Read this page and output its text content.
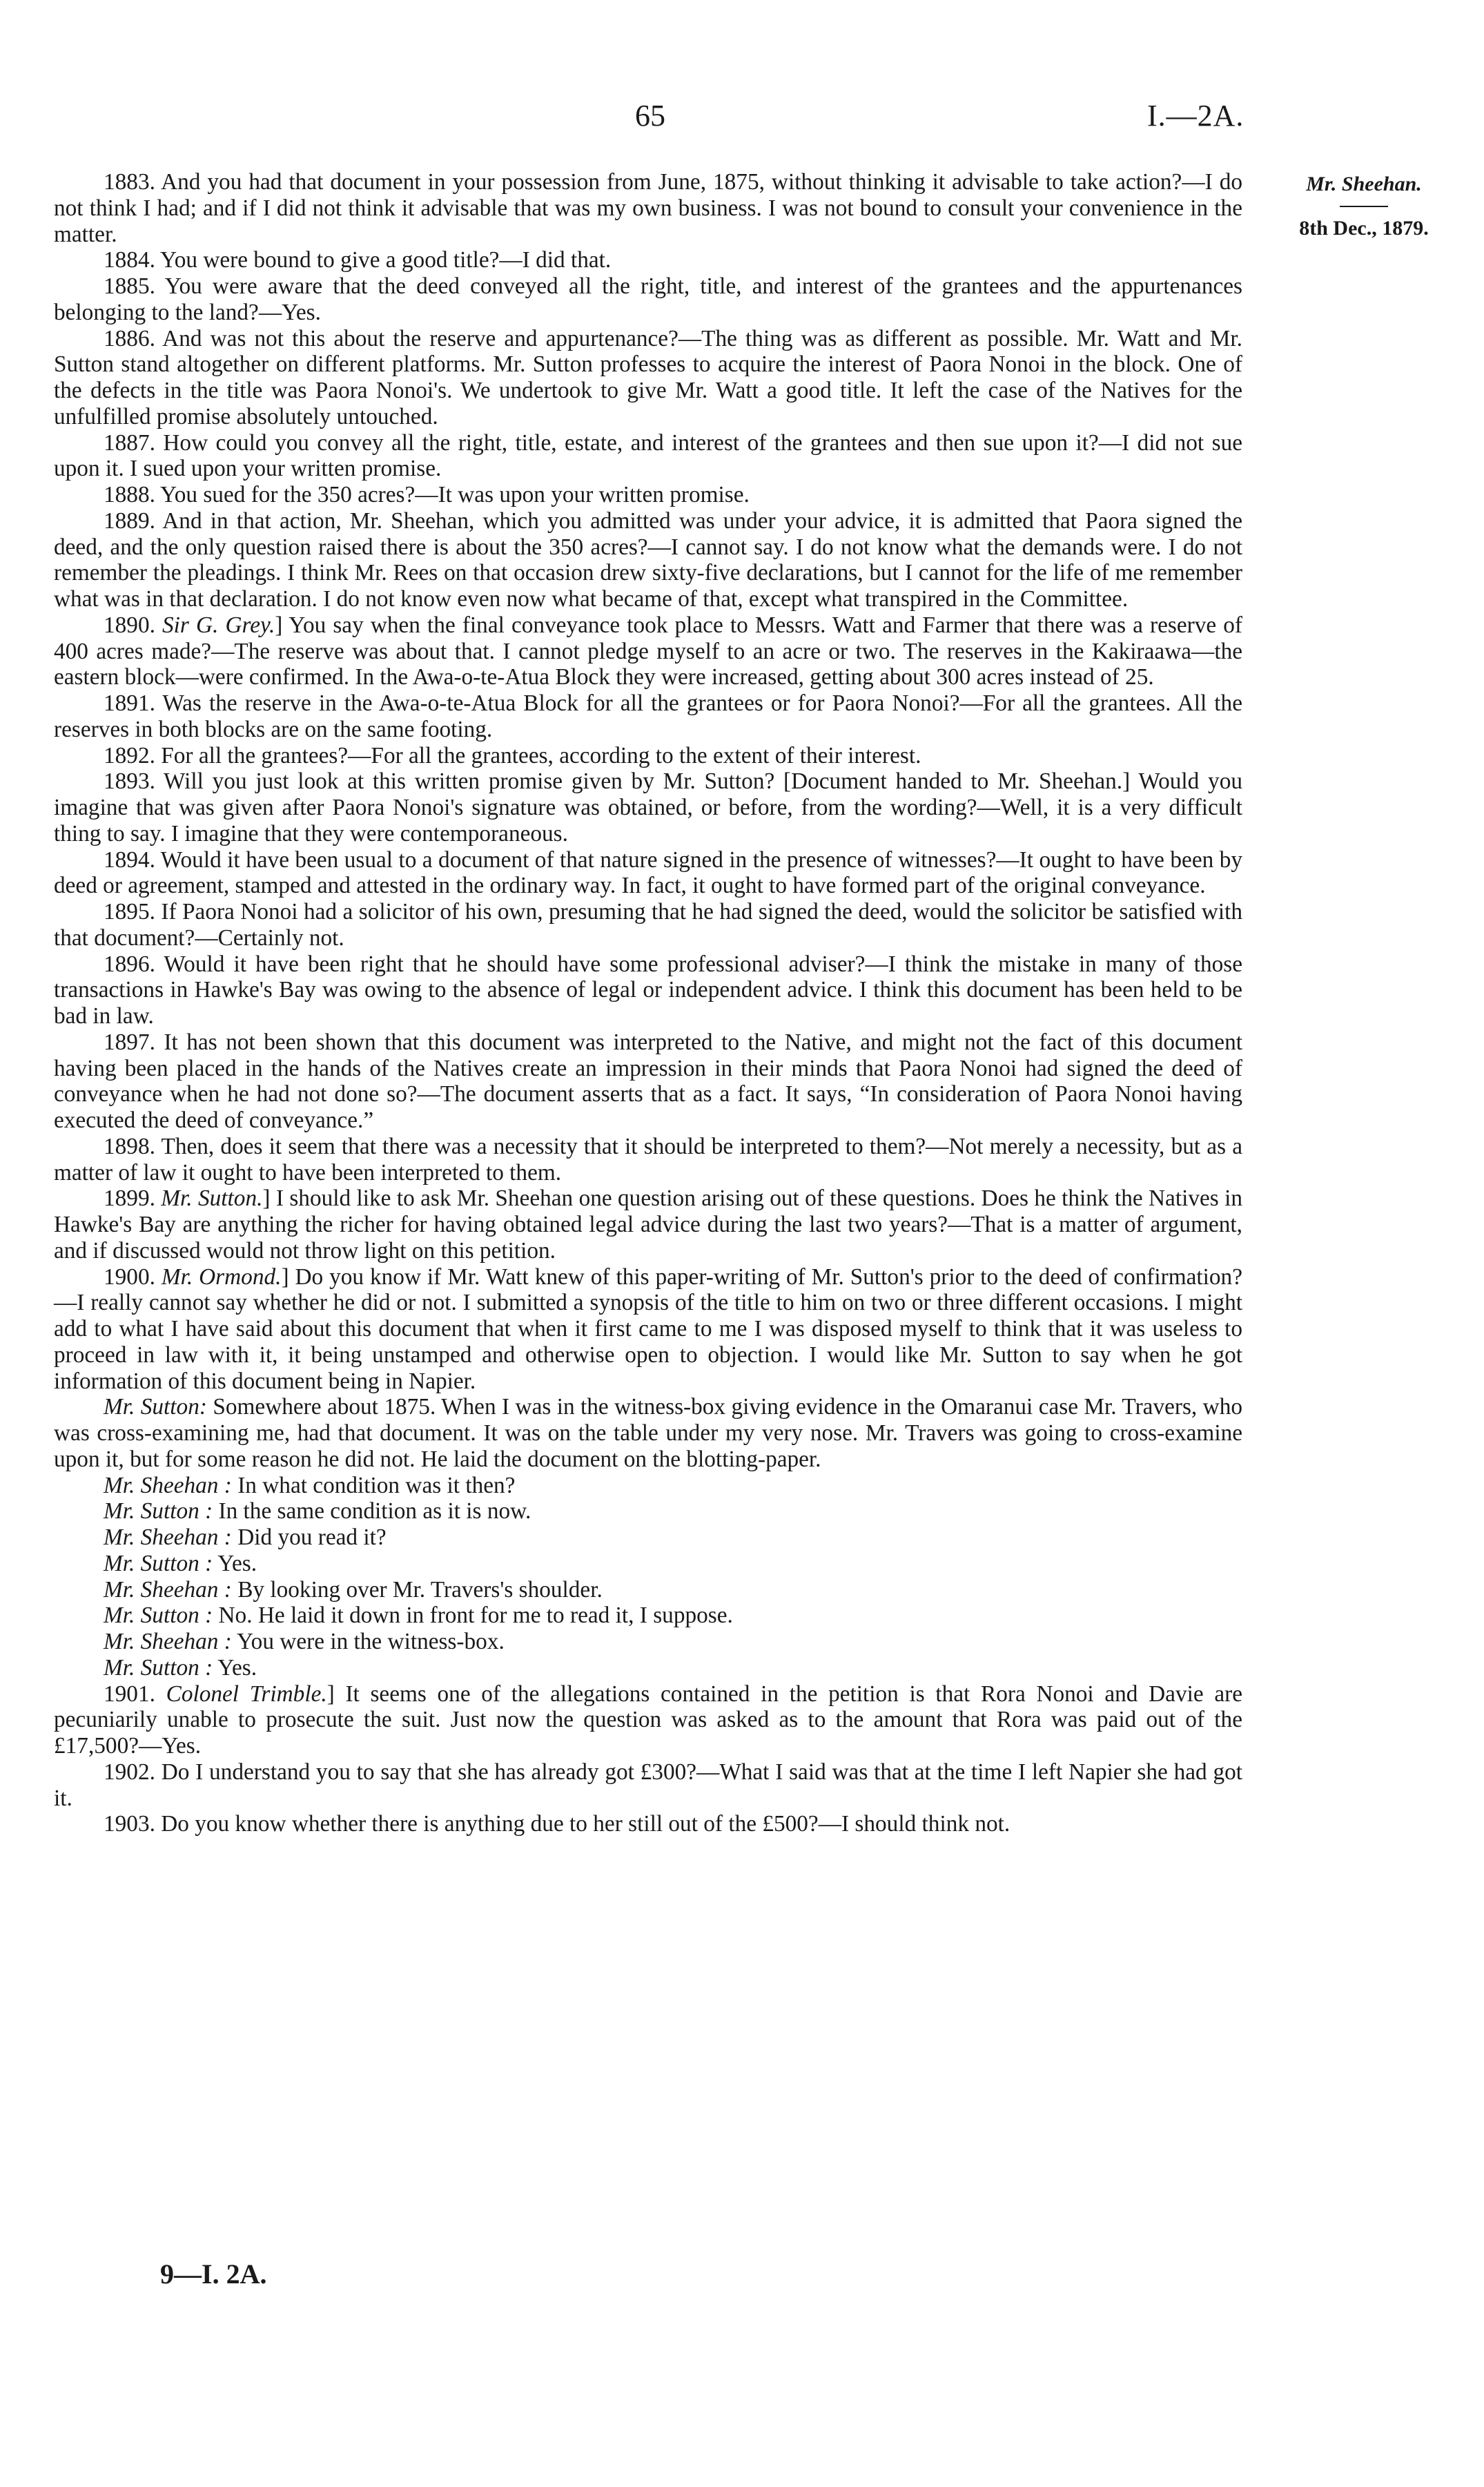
65	I.—2A.
Mr. Sheehan.
8th Dec., 1879.

1883. And you had that document in your possession from June, 1875, without thinking it advisable to take action?—I do not think I had; and if I did not think it advisable that was my own business. I was not bound to consult your convenience in the matter.

1884. You were bound to give a good title?—I did that.

1885. You were aware that the deed conveyed all the right, title, and interest of the grantees and the appurtenances belonging to the land?—Yes.

1886. And was not this about the reserve and appurtenance?—The thing was as different as possible. Mr. Watt and Mr. Sutton stand altogether on different platforms. Mr. Sutton professes to acquire the interest of Paora Nonoi in the block. One of the defects in the title was Paora Nonoi's. We undertook to give Mr. Watt a good title. It left the case of the Natives for the unfulfilled promise absolutely untouched.

1887. How could you convey all the right, title, estate, and interest of the grantees and then sue upon it?—I did not sue upon it. I sued upon your written promise.

1888. You sued for the 350 acres?—It was upon your written promise.

1889. And in that action, Mr. Sheehan, which you admitted was under your advice, it is admitted that Paora signed the deed, and the only question raised there is about the 350 acres?—I cannot say. I do not know what the demands were. I do not remember the pleadings. I think Mr. Rees on that occasion drew sixty-five declarations, but I cannot for the life of me remember what was in that declaration. I do not know even now what became of that, except what transpired in the Committee.

1890. Sir G. Grey.] You say when the final conveyance took place to Messrs. Watt and Farmer that there was a reserve of 400 acres made?—The reserve was about that. I cannot pledge myself to an acre or two. The reserves in the Kakiraawa—the eastern block—were confirmed. In the Awa-o-te-Atua Block they were increased, getting about 300 acres instead of 25.

1891. Was the reserve in the Awa-o-te-Atua Block for all the grantees or for Paora Nonoi?—For all the grantees. All the reserves in both blocks are on the same footing.

1892. For all the grantees?—For all the grantees, according to the extent of their interest.

1893. Will you just look at this written promise given by Mr. Sutton? [Document handed to Mr. Sheehan.] Would you imagine that was given after Paora Nonoi's signature was obtained, or before, from the wording?—Well, it is a very difficult thing to say. I imagine that they were contemporaneous.

1894. Would it have been usual to a document of that nature signed in the presence of witnesses?—It ought to have been by deed or agreement, stamped and attested in the ordinary way. In fact, it ought to have formed part of the original conveyance.

1895. If Paora Nonoi had a solicitor of his own, presuming that he had signed the deed, would the solicitor be satisfied with that document?—Certainly not.

1896. Would it have been right that he should have some professional adviser?—I think the mistake in many of those transactions in Hawke's Bay was owing to the absence of legal or independent advice. I think this document has been held to be bad in law.

1897. It has not been shown that this document was interpreted to the Native, and might not the fact of this document having been placed in the hands of the Natives create an impression in their minds that Paora Nonoi had signed the deed of conveyance when he had not done so?—The document asserts that as a fact. It says, “In consideration of Paora Nonoi having executed the deed of conveyance.”

1898. Then, does it seem that there was a necessity that it should be interpreted to them?—Not merely a necessity, but as a matter of law it ought to have been interpreted to them.

1899. Mr. Sutton.] I should like to ask Mr. Sheehan one question arising out of these questions. Does he think the Natives in Hawke's Bay are anything the richer for having obtained legal advice during the last two years?—That is a matter of argument, and if discussed would not throw light on this petition.

1900. Mr. Ormond.] Do you know if Mr. Watt knew of this paper-writing of Mr. Sutton's prior to the deed of confirmation?—I really cannot say whether he did or not. I submitted a synopsis of the title to him on two or three different occasions. I might add to what I have said about this document that when it first came to me I was disposed myself to think that it was useless to proceed in law with it, it being unstamped and otherwise open to objection. I would like Mr. Sutton to say when he got information of this document being in Napier.

Mr. Sutton: Somewhere about 1875. When I was in the witness-box giving evidence in the Omaranui case Mr. Travers, who was cross-examining me, had that document. It was on the table under my very nose. Mr. Travers was going to cross-examine upon it, but for some reason he did not. He laid the document on the blotting-paper.

Mr. Sheehan : In what condition was it then?

Mr. Sutton : In the same condition as it is now.

Mr. Sheehan : Did you read it?

Mr. Sutton : Yes.

Mr. Sheehan : By looking over Mr. Travers's shoulder.

Mr. Sutton : No. He laid it down in front for me to read it, I suppose.

Mr. Sheehan : You were in the witness-box.

Mr. Sutton : Yes.

1901. Colonel Trimble.] It seems one of the allegations contained in the petition is that Rora Nonoi and Davie are pecuniarily unable to prosecute the suit. Just now the question was asked as to the amount that Rora was paid out of the £17,500?—Yes.

1902. Do I understand you to say that she has already got £300?—What I said was that at the time I left Napier she had got it.

1903. Do you know whether there is anything due to her still out of the £500?—I should think not.

9—I. 2A.
